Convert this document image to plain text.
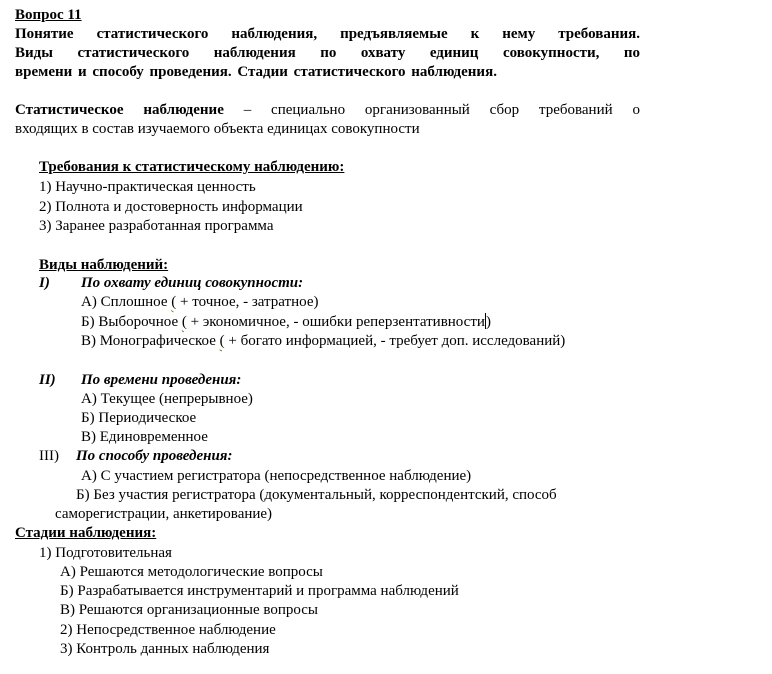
Вопрос 11
Понятие статистического наблюдения, предъявляемые к нему требования.
Виды статистического наблюдения по охвату единиц совокупности, по
времени и способу проведения. Стадии статистического наблюдения.
Статистическое наблюдение – специально организованный сбор требований о
входящих в состав изучаемого объекта единицах совокупности
Требования к статистическому наблюдению:
1) Научно-практическая ценность
2) Полнота и достоверность информации
3) Заранее разработанная программа
Виды наблюдений:
I) По охвату единиц совокупности:
А) Сплошное ( + точное, - затратное)
Б) Выборочное ( + экономичное, - ошибки реперзентативности)
В) Монографическое ( + богато информацией, - требует доп. исследований)
II) По времени проведения:
А) Текущее (непрерывное)
Б) Периодическое
В) Единовременное
III) По способу проведения:
А) С участием регистратора (непосредственное наблюдение)
Б) Без участия регистратора (документальный, корреспондентский, способ
саморегистрации, анкетирование)
Стадии наблюдения:
1) Подготовительная
А) Решаются методологические вопросы
Б) Разрабатывается инструментарий и программа наблюдений
В) Решаются организационные вопросы
2) Непосредственное наблюдение
3) Контроль данных наблюдения
